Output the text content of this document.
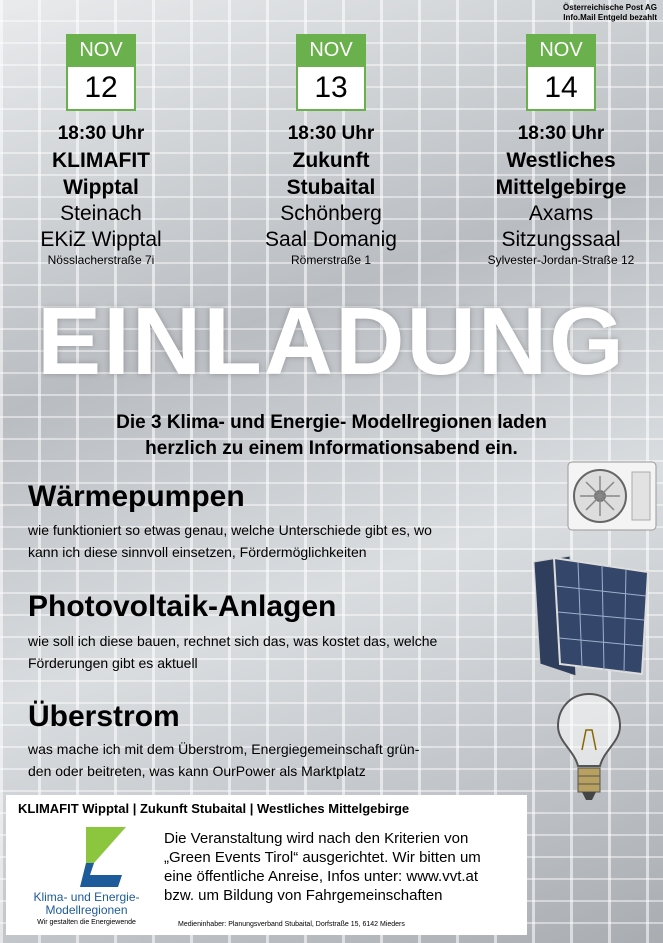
Österreichische Post AG
Info.Mail Entgeld bezahlt
NOV
12
18:30 Uhr
KLIMAFIT
Wipptal
Steinach
EKiZ Wipptal
Nösslacherstraße 7i
NOV
13
18:30 Uhr
Zukunft
Stubaital
Schönberg
Saal Domanig
Römerstraße 1
NOV
14
18:30 Uhr
Westliches
Mittelgebirge
Axams
Sitzungssaal
Sylvester-Jordan-Straße 12
EINLADUNG
Die 3 Klima- und Energie- Modellregionen laden
herzlich zu einem Informationsabend ein.
Wärmepumpen
wie funktioniert so etwas genau, welche Unterschiede gibt es, wo
kann ich diese sinnvoll einsetzen, Fördermöglichkeiten
Photovoltaik-Anlagen
wie soll ich diese bauen, rechnet sich das, was kostet das, welche
Förderungen gibt es aktuell
Überstrom
was mache ich mit dem Überstrom, Energiegemeinschaft grün-
den oder beitreten, was kann OurPower als Marktplatz
KLIMAFIT Wipptal | Zukunft Stubaital | Westliches Mittelgebirge
Klima- und Energie-
Modellregionen
Wir gestalten die Energiewende
Die Veranstaltung wird nach den Kriterien von
„Green Events Tirol“ ausgerichtet. Wir bitten um
eine öffentliche Anreise, Infos unter: www.vvt.at
bzw. um Bildung von Fahrgemeinschaften
Medieninhaber: Planungsverband Stubaital, Dorfstraße 15, 6142 Mieders
